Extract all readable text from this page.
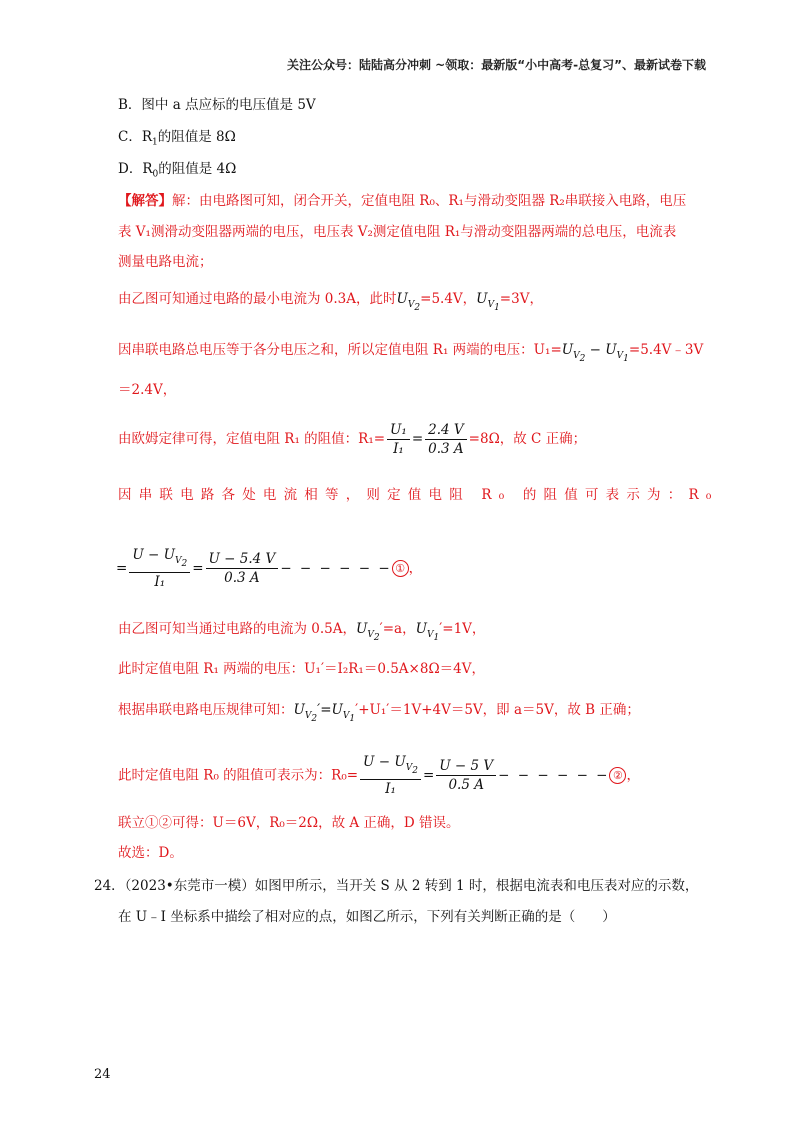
关注公众号：陆陆高分冲刺 ~领取：最新版“小中高考-总复习”、最新试卷下载
B．图中 a 点应标的电压值是 5V
C．$R_1$的阻值是 8Ω
D．$R_0$的阻值是 4Ω
【解答】解：由电路图可知，闭合开关，定值电阻 R₀、R₁与滑动变阻器 R₂串联接入电路，电压
表 V₁测滑动变阻器两端的电压，电压表 V₂测定值电阻 R₁与滑动变阻器两端的总电压，电流表
测量电路电流；
由乙图可知通过电路的最小电流为 0.3A，此时$U_{V_2}=5.4V$，$U_{V_1}=3V$，
因串联电路总电压等于各分电压之和，所以定值电阻 R₁ 两端的电压：$U_1=U_{V_2}$ − $U_{V_1}=5.4V﹣3V$
＝2.4V，
由欧姆定律可得，定值电阻 R₁ 的阻值：$R_1= \frac{\text{U₁}}{\text{I₁}} = \frac{2.4 V}{0.3 A} =8\Omega$，故 C 正确；
因串联电路各处电流相等，则定值电阻 R₀ 的阻值可表示为：R₀
= $\frac{U - U_{V_2}}{\text{I₁}} = \frac{U - 5.4 V}{0.3 A}$ − − − − − − ① ，
由乙图可知当通过电路的电流为 0.5A，$U_{V_2}'=a$，$U_{V_1}'=1V$，
此时定值电阻 R₁ 两端的电压：U₁′＝I₂R₁＝0.5A×8Ω＝4V，
根据串联电路电压规律可知：$U_{V_2}'=U_{V_1}'+U_1'=1V+4V=5V$，即 a＝5V，故 B 正确；
此时定值电阻 R₀ 的阻值可表示为：$R_0= \frac{U - U_{V_2}}{\text{I₁}} = \frac{U - 5 V}{0.5 A}$ − − − − − − ② ，
联立①②可得：U＝6V，R₀＝2Ω，故 A 正确，D 错误。
故选：D。
24．（2023•东莞市一模）如图甲所示，当开关 S 从 2 转到 1 时，根据电流表和电压表对应的示数，
在 U﹣I 坐标系中描绘了相对应的点，如图乙所示，下列有关判断正确的是（　　）
24
